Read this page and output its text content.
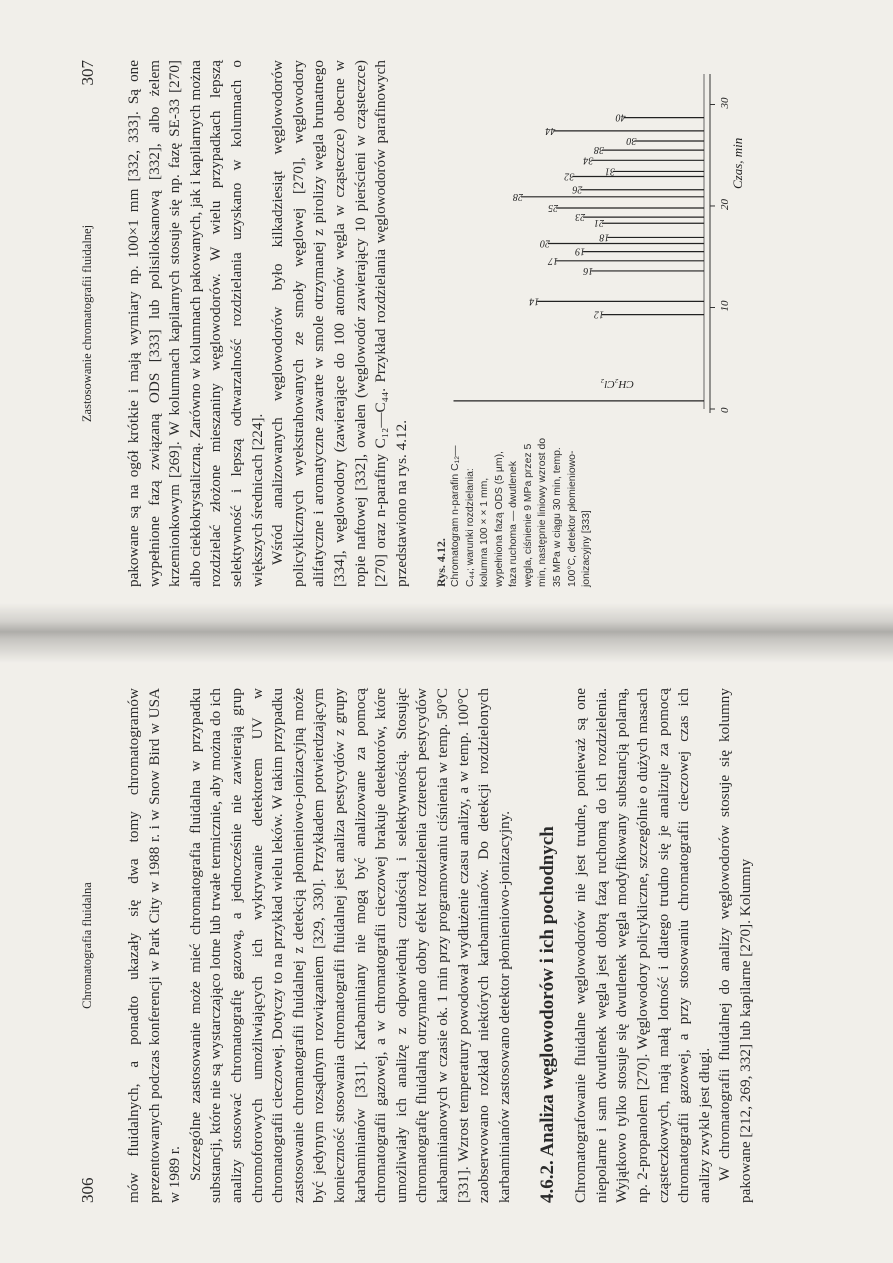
306
Chromatografia fluidalna mów fluidalnych, a ponadto ukazały się dwa tomy chromatogramów prezentowanych podczas konferencji w Park City w 1988 r. i w Snow Bird w USA w 1989 r. Szczególne zastosowanie może mieć chromatografia fluidalna w przypadku substancji, które nie są wystarczająco lotne lub trwałe termicznie, aby można do ich analizy stosować chromatografię gazową, a jednocześnie nie zawierają grup chromoforowych umożliwiających ich wykrywanie detektorem UV w chromatografii cieczowej. Dotyczy to na przykład wielu leków. W takim przypadku zastosowanie chromatografii fluidalnej z detekcją płomieniowo-jonizacyjną może być jedynym rozsądnym rozwiązaniem [329, 330]. Przykładem potwierdzającym konieczność stosowania chromatografii fluidalnej jest analiza pestycydów z grupy karbaminianów [331]. Karbaminiany nie mogą być analizowane za pomocą chromatografii gazowej, a w chromatografii cieczowej brakuje detektorów, które umożliwiały ich analizę z odpowiednią czułością i selektywnością. Stosując chromatografię fluidalną otrzymano dobry efekt rozdzielenia czterech pestycydów karbaminianowych w czasie ok. 1 min przy programowaniu ciśnienia w temp. 50°C [331]. Wzrost temperatury powodował wydłużenie czasu analizy, a w temp. 100°C zaobserwowano rozkład niektórych karbaminianów. Do detekcji rozdzielonych karbaminianów zastosowano detektor płomieniowo-jonizacyjny. 4.6.2. Analiza węglowodorów i ich pochodnych Chromatografowanie fluidalne węglowodorów nie jest trudne, ponieważ są one niepolarne i sam dwutlenek węgla jest dobrą fazą ruchomą do ich rozdzielenia. Wyjątkowo tylko stosuje się dwutlenek węgla modyfikowany substancją polarną, np. 2-propanolem [270]. Węglowodory policykliczne, szczególnie o dużych masach cząsteczkowych, mają małą lotność i dlatego trudno się je analizuje za pomocą chromatografii gazowej, a przy stosowaniu chromatografii cieczowej czas ich analizy zwykle jest długi. W chromatografii fluidalnej do analizy węglowodorów stosuje się kolumny pakowane [212, 269, 332] lub kapilarne [270]. Kolumny

Zastosowanie chromatografii fluidalnej
307 pakowane są na ogół krótkie i mają wymiary np. 100×1 mm [332, 333]. Są one wypełnione fazą związaną ODS [333] lub polisiloksanową [332], albo żelem krzemionkowym [269]. W kolumnach kapilarnych stosuje się np. fazę SE-33 [270] albo ciekłokrystaliczną. Zarówno w kolumnach pakowanych, jak i kapilarnych można rozdzielać złożone mieszaniny węglowodorów. W wielu przypadkach lepszą selektywność i lepszą odtwarzalność rozdzielania uzyskano w kolumnach o większych średnicach [224]. Wśród analizowanych węglowodorów było kilkadziesiąt węglowodorów policyklicznych wyekstrahowanych ze smoły węglowej [270], węglowodory alifatyczne i aromatyczne zawarte w smole otrzymanej z pirolizy węgla brunatnego [334], węglowodory (zawierające do 100 atomów węgla w cząsteczce) obecne w ropie naftowej [332], owalen (węglowodór zawierający 10 pierścieni w cząsteczce) [270] oraz n-parafiny C₁₂—C₄₄. Przykład rozdzielania węglowodorów parafinowych przedstawiono na rys. 4.12. Rys. 4.12. Chromatogram n-parafin C₁₂—C₄₄; warunki rozdzielania: kolumna 100 × × 1 mm, wypełniona fazą ODS (5 µm), faza ruchoma — dwutlenek węgla, ciśnienie 9 MPa przez 5 min, następnie liniowy wzrost do 35 MPa w ciągu 30 min, temp. 100°C, detektor płomieniowo-jonizacyjny [333]
0
10
20
30
12
14
16
17
19
20
18
21
23
25
28
26
32	31
34
38
30
44
40
CH₂Cl₂
Czas, min
